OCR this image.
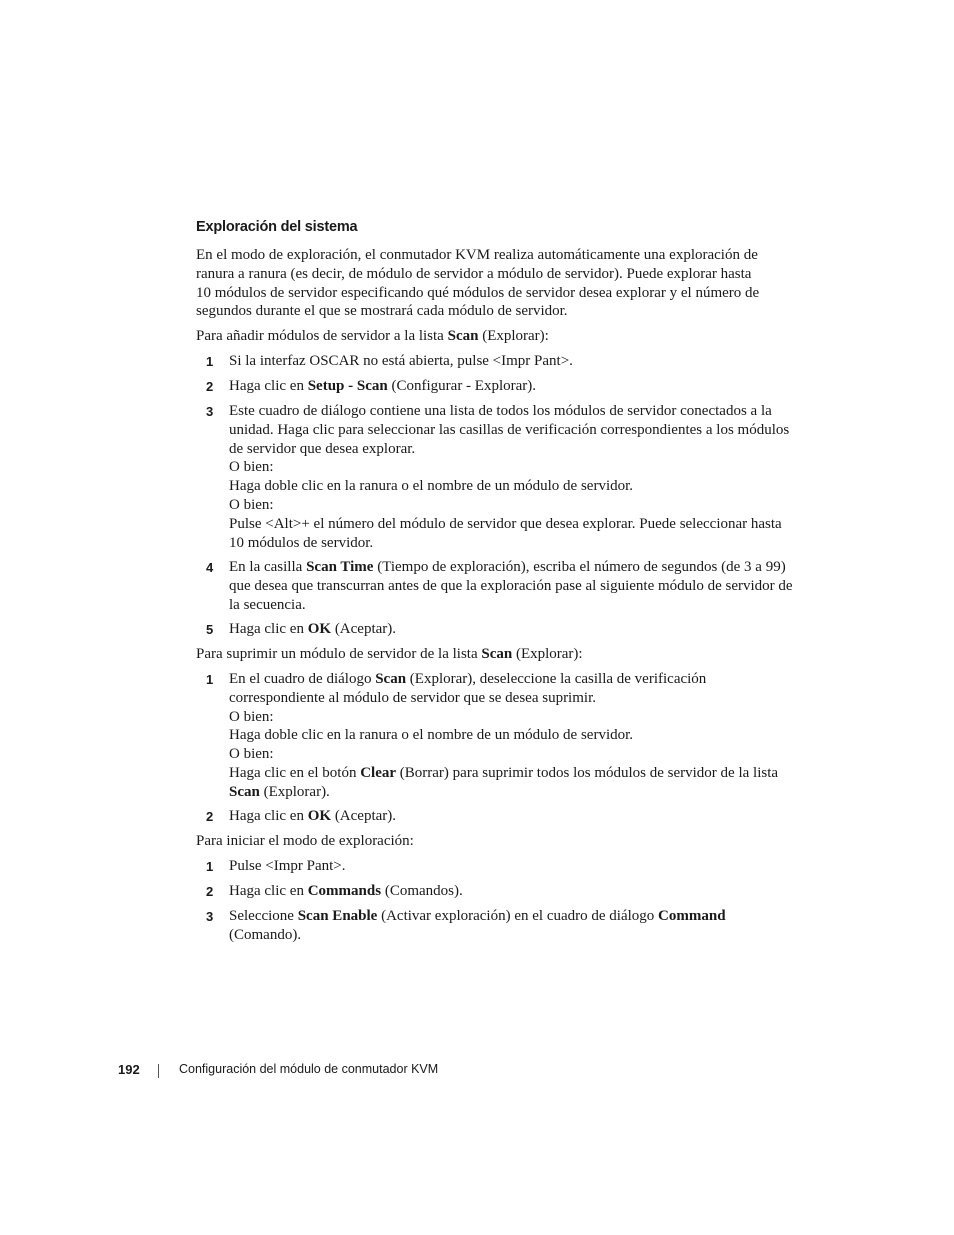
Exploración del sistema
En el modo de exploración, el conmutador KVM realiza automáticamente una exploración de
ranura a ranura (es decir, de módulo de servidor a módulo de servidor). Puede explorar hasta
10 módulos de servidor especificando qué módulos de servidor desea explorar y el número de
segundos durante el que se mostrará cada módulo de servidor.
Para añadir módulos de servidor a la lista Scan (Explorar):
1 Si la interfaz OSCAR no está abierta, pulse <Impr Pant>.
2 Haga clic en Setup - Scan (Configurar - Explorar).
3 Este cuadro de diálogo contiene una lista de todos los módulos de servidor conectados a la
unidad. Haga clic para seleccionar las casillas de verificación correspondientes a los módulos
de servidor que desea explorar.
O bien:
Haga doble clic en la ranura o el nombre de un módulo de servidor.
O bien:
Pulse <Alt>+ el número del módulo de servidor que desea explorar. Puede seleccionar hasta
10 módulos de servidor.
4 En la casilla Scan Time (Tiempo de exploración), escriba el número de segundos (de 3 a 99)
que desea que transcurran antes de que la exploración pase al siguiente módulo de servidor de
la secuencia.
5 Haga clic en OK (Aceptar).
Para suprimir un módulo de servidor de la lista Scan (Explorar):
1 En el cuadro de diálogo Scan (Explorar), deseleccione la casilla de verificación
correspondiente al módulo de servidor que se desea suprimir.
O bien:
Haga doble clic en la ranura o el nombre de un módulo de servidor.
O bien:
Haga clic en el botón Clear (Borrar) para suprimir todos los módulos de servidor de la lista
Scan (Explorar).
2 Haga clic en OK (Aceptar).
Para iniciar el modo de exploración:
1 Pulse <Impr Pant>.
2 Haga clic en Commands (Comandos).
3 Seleccione Scan Enable (Activar exploración) en el cuadro de diálogo Command
(Comando).
192	Configuración del módulo de conmutador KVM
